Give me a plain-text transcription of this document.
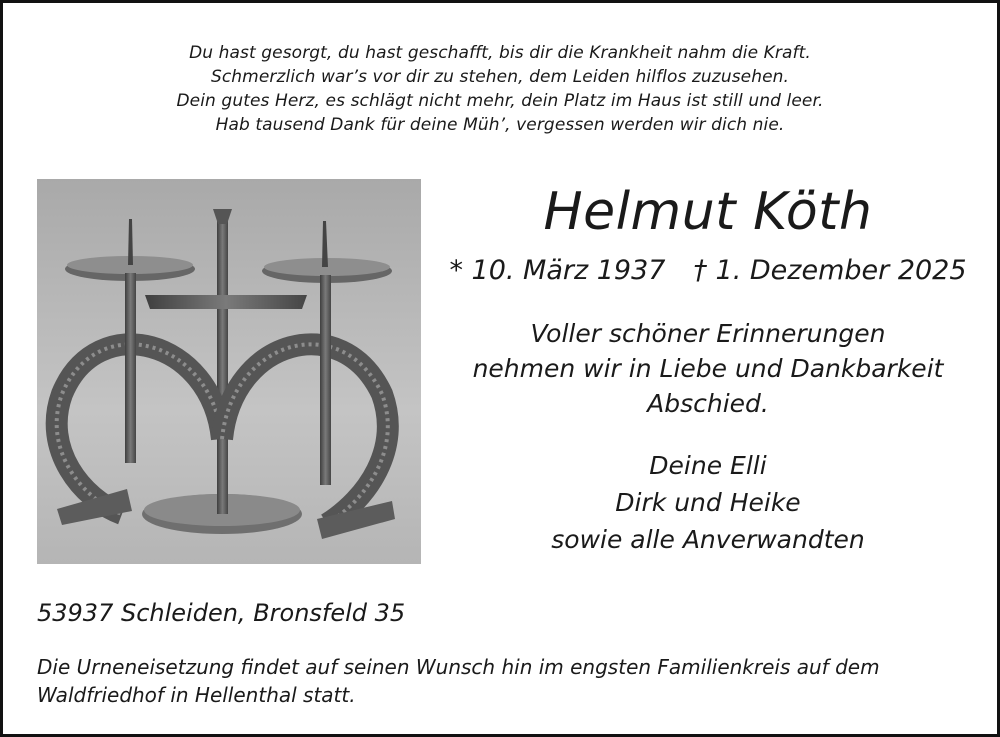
Du hast gesorgt, du hast geschafft, bis dir die Krankheit nahm die Kraft.
Schmerzlich war’s vor dir zu stehen, dem Leiden hilflos zuzusehen.
Dein gutes Herz, es schlägt nicht mehr, dein Platz im Haus ist still und leer.
Hab tausend Dank für deine Müh’, vergessen werden wir dich nie.
Helmut Köth
* 10. März 1937 † 1. Dezember 2025
Voller schöner Erinnerungen
nehmen wir in Liebe und Dankbarkeit
Abschied.
Deine Elli
Dirk und Heike
sowie alle Anverwandten
53937 Schleiden, Bronsfeld 35
Die Urneneisetzung findet auf seinen Wunsch hin im engsten Familienkreis auf dem
Waldfriedhof in Hellenthal statt.
